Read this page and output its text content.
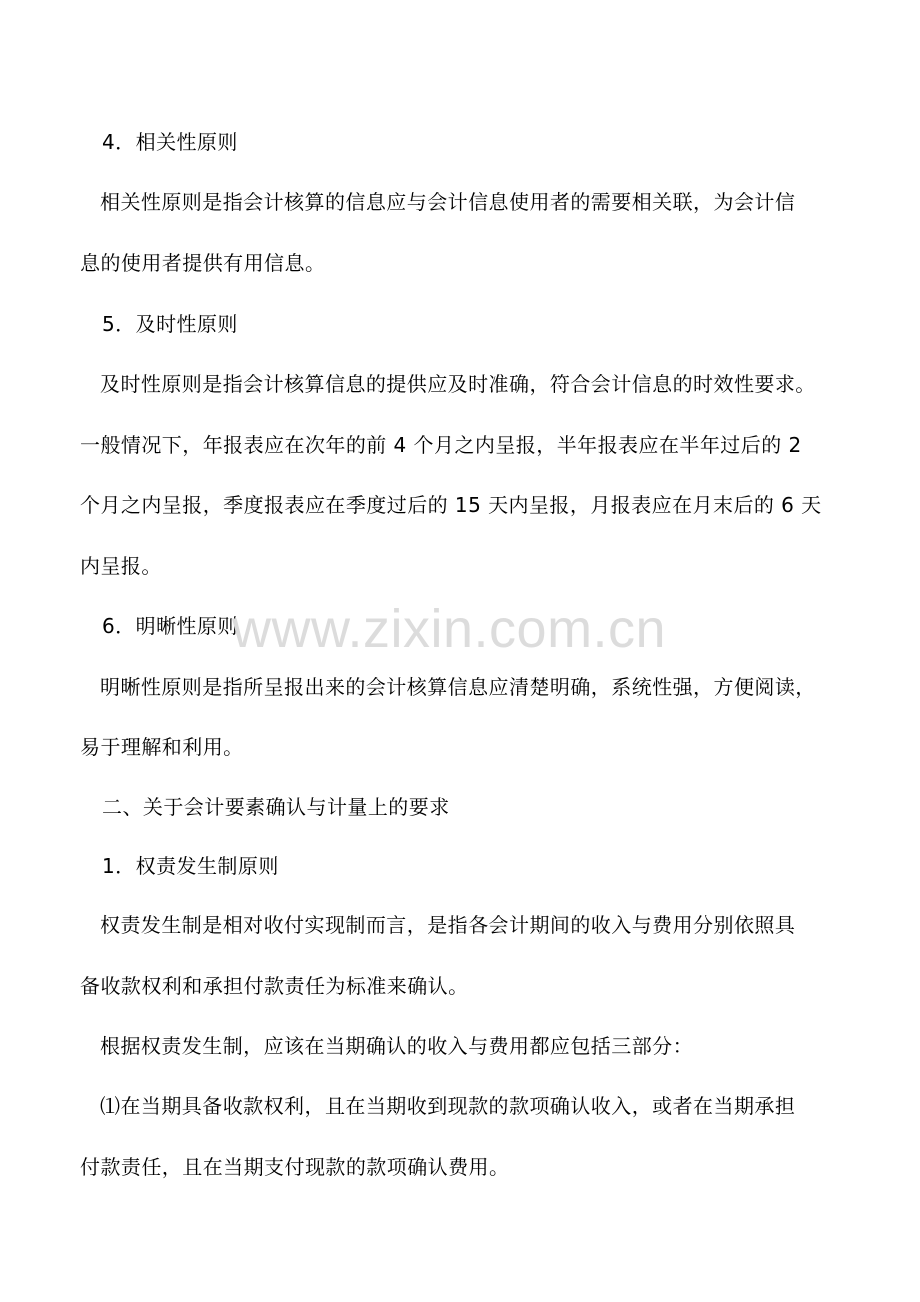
4．相关性原则
相关性原则是指会计核算的信息应与会计信息使用者的需要相关联，为会计信
息的使用者提供有用信息。
5．及时性原则
及时性原则是指会计核算信息的提供应及时准确，符合会计信息的时效性要求。
一般情况下，年报表应在次年的前 4 个月之内呈报，半年报表应在半年过后的 2
个月之内呈报，季度报表应在季度过后的 15 天内呈报，月报表应在月末后的 6 天
内呈报。
6．明晰性原则
明晰性原则是指所呈报出来的会计核算信息应清楚明确，系统性强，方便阅读，
易于理解和利用。
二、关于会计要素确认与计量上的要求
1．权责发生制原则
权责发生制是相对收付实现制而言，是指各会计期间的收入与费用分别依照具
备收款权利和承担付款责任为标准来确认。
根据权责发生制，应该在当期确认的收入与费用都应包括三部分：
⑴在当期具备收款权利，且在当期收到现款的款项确认收入，或者在当期承担
付款责任，且在当期支付现款的款项确认费用。
www.zixin.com.cn
